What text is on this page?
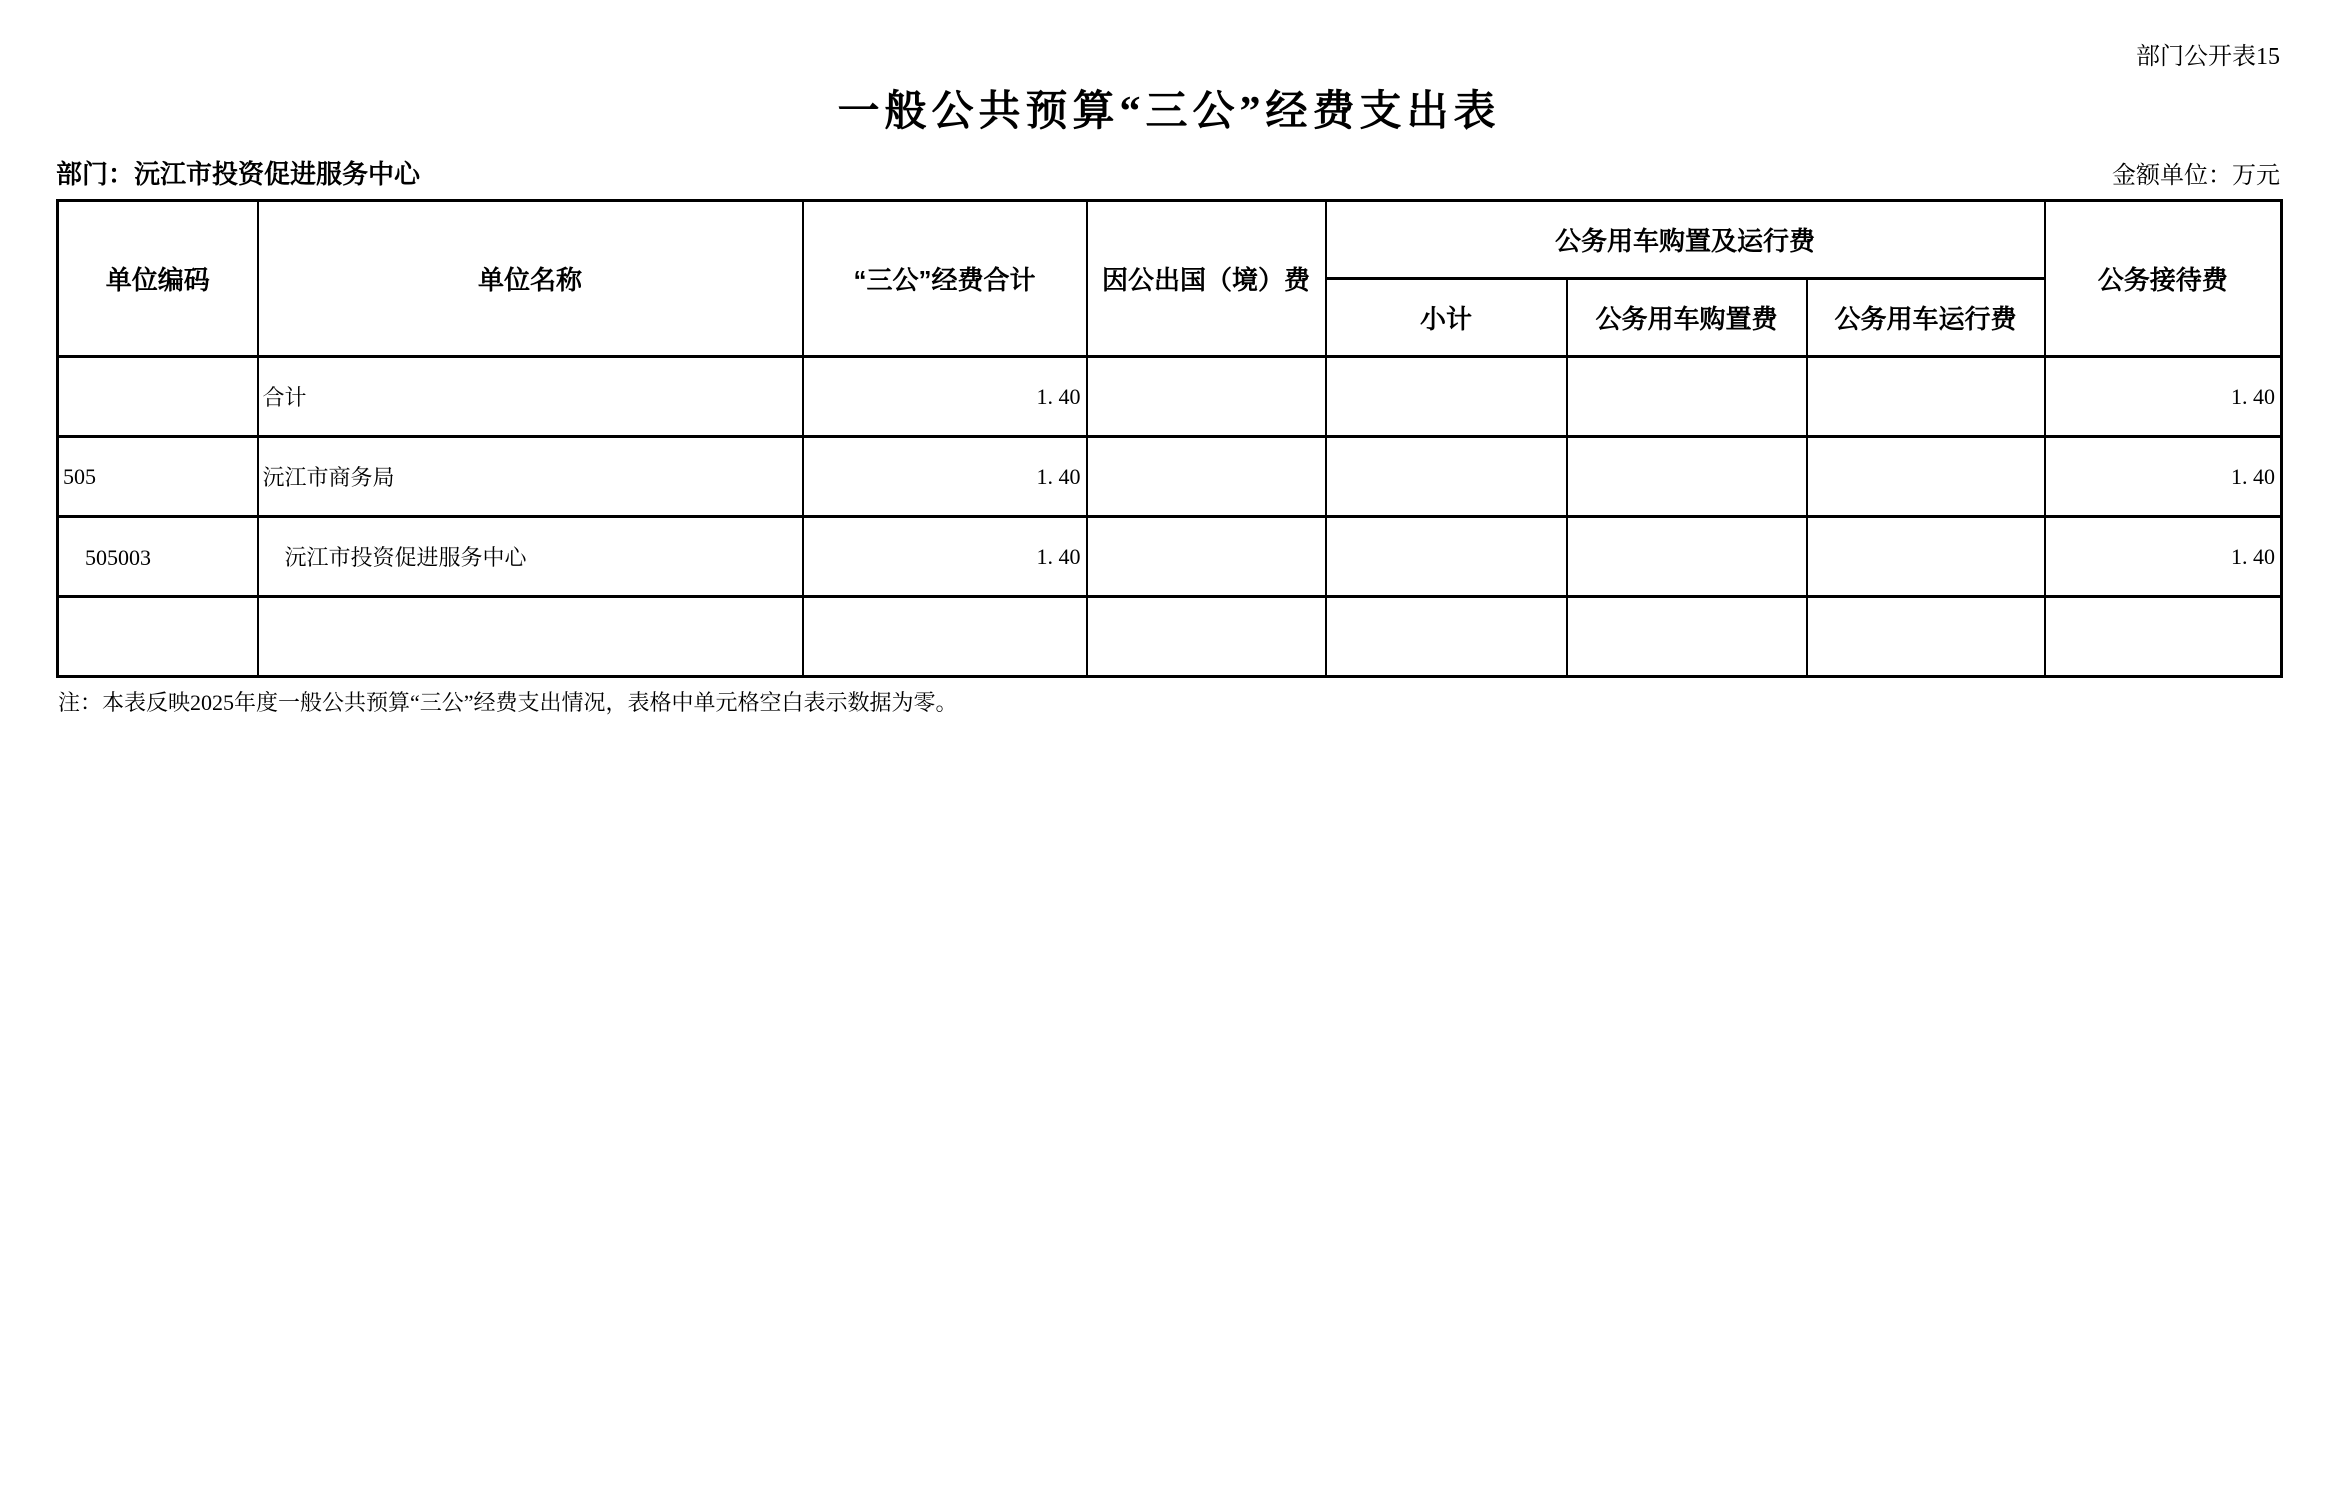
部门公开表15
一般公共预算“三公”经费支出表
部门：沅江市投资促进服务中心	金额单位：万元
单位编码	单位名称	“三公”经费合计	因公出国（境）费	公务用车购置及运行费			公务接待费
				小计	公务用车购置费	公务用车运行费	
	合计	1. 40					1. 40
505	沅江市商务局	1. 40					1. 40
　505003	　沅江市投资促进服务中心	1. 40					1. 40

注：本表反映2025年度一般公共预算“三公”经费支出情况，表格中单元格空白表示数据为零。
